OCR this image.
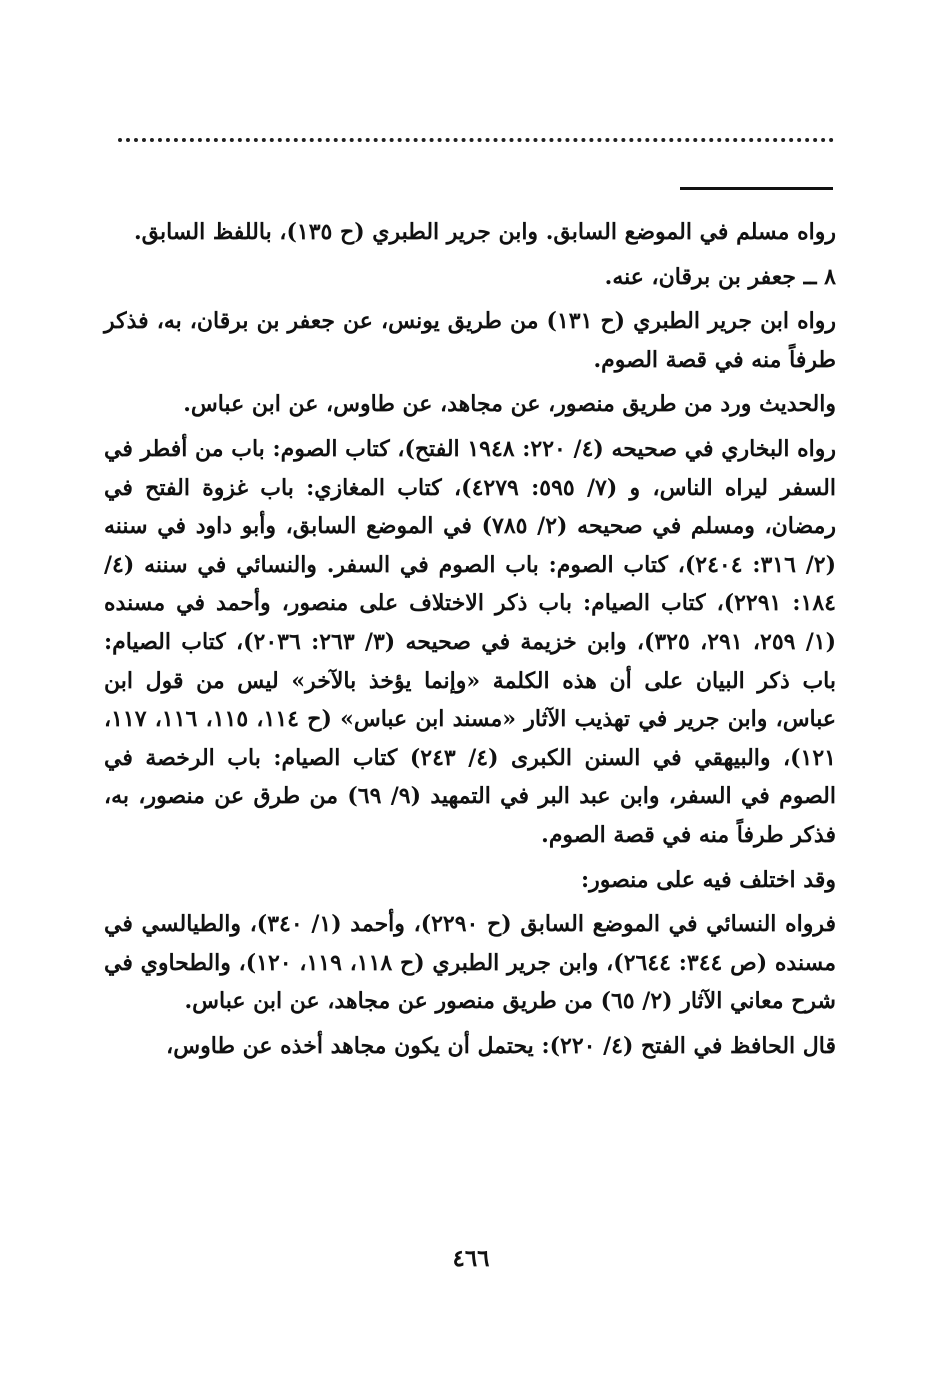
رواه مسلم في الموضع السابق. وابن جرير الطبري (ح ١٣٥)، باللفظ السابق.

٨ ــ جعفر بن برقان، عنه.

رواه ابن جرير الطبري (ح ١٣١) من طريق يونس، عن جعفر بن برقان، به، فذكر طرفاً منه في قصة الصوم.

والحديث ورد من طريق منصور، عن مجاهد، عن طاوس، عن ابن عباس.

رواه البخاري في صحيحه (٤/ ٢٢٠: ١٩٤٨ الفتح)، كتاب الصوم: باب من أفطر في السفر ليراه الناس، و (٧/ ٥٩٥: ٤٢٧٩)، كتاب المغازي: باب غزوة الفتح في رمضان، ومسلم في صحيحه (٢/ ٧٨٥) في الموضع السابق، وأبو داود في سننه (٢/ ٣١٦: ٢٤٠٤)، كتاب الصوم: باب الصوم في السفر. والنسائي في سننه (٤/ ١٨٤: ٢٢٩١)، كتاب الصيام: باب ذكر الاختلاف على منصور، وأحمد في مسنده (١/ ٢٥٩، ٢٩١، ٣٢٥)، وابن خزيمة في صحيحه (٣/ ٢٦٣: ٢٠٣٦)، كتاب الصيام: باب ذكر البيان على أن هذه الكلمة «وإنما يؤخذ بالآخر» ليس من قول ابن عباس، وابن جرير في تهذيب الآثار «مسند ابن عباس» (ح ١١٤، ١١٥، ١١٦، ١١٧، ١٢١)، والبيهقي في السنن الكبرى (٤/ ٢٤٣) كتاب الصيام: باب الرخصة في الصوم في السفر، وابن عبد البر في التمهيد (٩/ ٦٩) من طرق عن منصور، به، فذكر طرفاً منه في قصة الصوم.

وقد اختلف فيه على منصور:

فرواه النسائي في الموضع السابق (ح ٢٢٩٠)، وأحمد (١/ ٣٤٠)، والطيالسي في مسنده (ص ٣٤٤: ٢٦٤٤)، وابن جرير الطبري (ح ١١٨، ١١٩، ١٢٠)، والطحاوي في شرح معاني الآثار (٢/ ٦٥) من طريق منصور عن مجاهد، عن ابن عباس.

قال الحافظ في الفتح (٤/ ٢٢٠): يحتمل أن يكون مجاهد أخذه عن طاوس،

٤٦٦
